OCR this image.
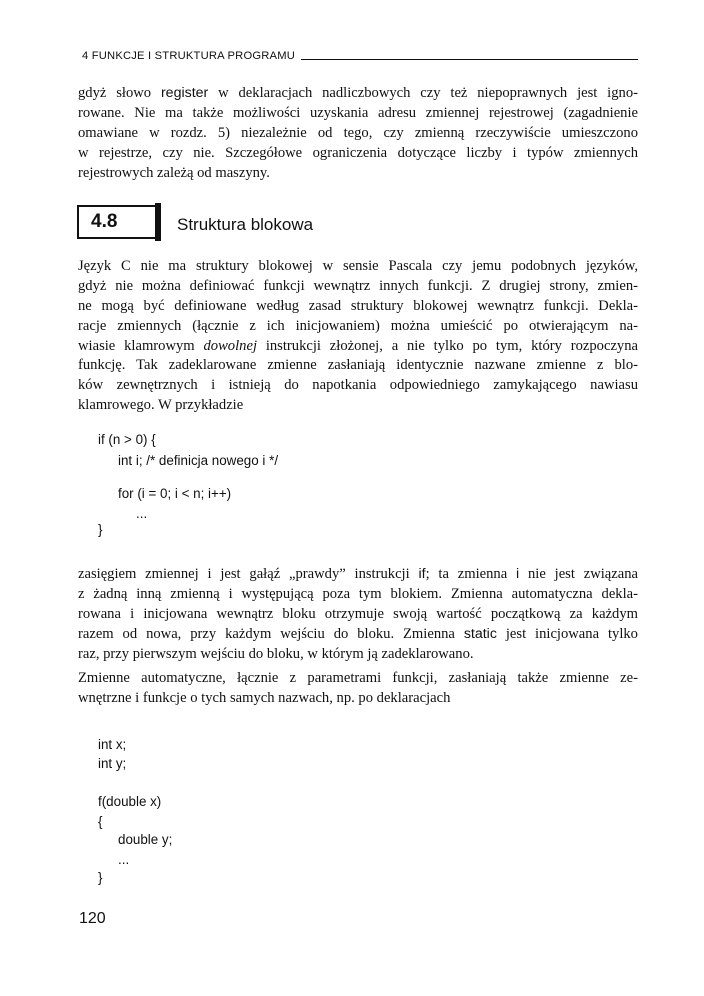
4 FUNKCJE I STRUKTURA PROGRAMU
gdyż słowo register w deklaracjach nadliczbowych czy też niepoprawnych jest igno-
rowane. Nie ma także możliwości uzyskania adresu zmiennej rejestrowej (zagadnienie
omawiane w rozdz. 5) niezależnie od tego, czy zmienną rzeczywiście umieszczono
w rejestrze, czy nie. Szczegółowe ograniczenia dotyczące liczby i typów zmiennych
rejestrowych zależą od maszyny.
4.8	Struktura blokowa
Język C nie ma struktury blokowej w sensie Pascala czy jemu podobnych języków,
gdyż nie można definiować funkcji wewnątrz innych funkcji. Z drugiej strony, zmien-
ne mogą być definiowane według zasad struktury blokowej wewnątrz funkcji. Dekla-
racje zmiennych (łącznie z ich inicjowaniem) można umieścić po otwierającym na-
wiasie klamrowym dowolnej instrukcji złożonej, a nie tylko po tym, który rozpoczyna
funkcję. Tak zadeklarowane zmienne zasłaniają identycznie nazwane zmienne z blo-
ków zewnętrznych i istnieją do napotkania odpowiedniego zamykającego nawiasu
klamrowego. W przykładzie
if (n > 0) {
int i; /* definicja nowego i */
for (i = 0; i < n; i++)
...
}
zasięgiem zmiennej i jest gałąź „prawdy” instrukcji if; ta zmienna i nie jest związana
z żadną inną zmienną i występującą poza tym blokiem. Zmienna automatyczna dekla-
rowana i inicjowana wewnątrz bloku otrzymuje swoją wartość początkową za każdym
razem od nowa, przy każdym wejściu do bloku. Zmienna static jest inicjowana tylko
raz, przy pierwszym wejściu do bloku, w którym ją zadeklarowano.
Zmienne automatyczne, łącznie z parametrami funkcji, zasłaniają także zmienne ze-
wnętrzne i funkcje o tych samych nazwach, np. po deklaracjach
int x;
int y;
f(double x)
{
double y;
...
}
120
